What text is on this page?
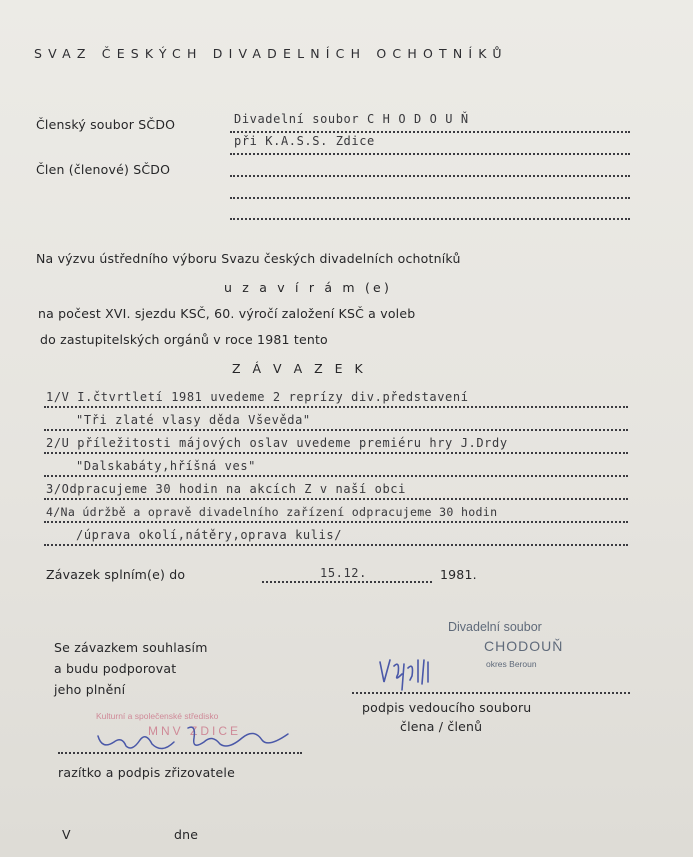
SVAZ ČESKÝCH DIVADELNÍCH OCHOTNÍKŮ
Členský soubor SČDO	Divadelní soubor C H O D O U Ň
při K.A.S.S. Zdice
Člen (členové) SČDO
Na výzvu ústředního výboru Svazu českých divadelních ochotníků
u z a v í r á m (e)
na počest XVI. sjezdu KSČ, 60. výročí založení KSČ a voleb
do zastupitelských orgánů v roce 1981 tento
Z Á V A Z E K
1/V I.čtvrtletí 1981 uvedeme 2 reprízy div.představení
"Tři zlaté vlasy děda Vševěda"
2/U příležitosti májových oslav uvedeme premiéru hry J.Drdy
"Dalskabáty,hříšná ves"
3/Odpracujeme 30 hodin na akcích Z v naší obci
4/Na údržbě a opravě divadelního zařízení odpracujeme 30 hodin
/úprava okolí,nátěry,oprava kulis/
Závazek splním(e) do	15.12.	1981.
Se závazkem souhlasím
a budu podporovat
jeho plnění
Divadelní soubor
CHODOUŇ
okres Beroun
podpis vedoucího souboru
člena / členů
Kulturní a společenské středisko
MNV ZDICE
razítko a podpis zřizovatele
V	dne
